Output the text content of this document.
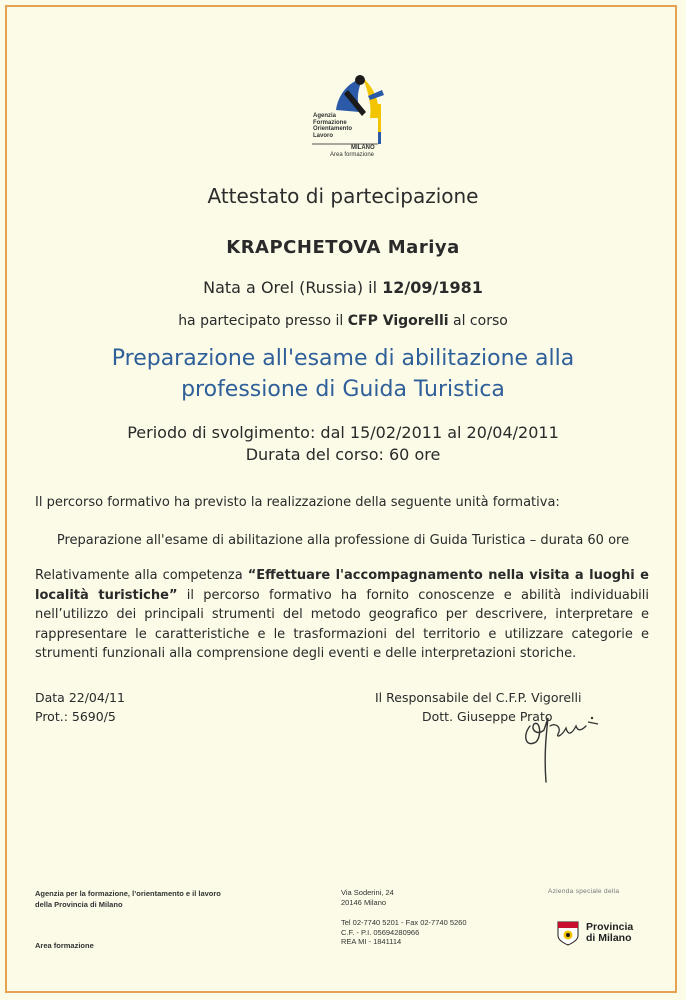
Agenzia
Formazione
Orientamento
Lavoro
MILANO
Area formazione
Attestato di partecipazione
KRAPCHETOVA Mariya
Nata a Orel (Russia) il 12/09/1981
ha partecipato presso il CFP Vigorelli al corso
Preparazione all'esame di abilitazione alla
professione di Guida Turistica
Periodo di svolgimento: dal 15/02/2011 al 20/04/2011
Durata del corso: 60 ore
Il percorso formativo ha previsto la realizzazione della seguente unità formativa:
Preparazione all'esame di abilitazione alla professione di Guida Turistica – durata 60 ore
Relativamente alla competenza “Effettuare l'accompagnamento nella visita a luoghi e località turistiche” il percorso formativo ha fornito conoscenze e abilità individuabili nell’utilizzo dei principali strumenti del metodo geografico per descrivere, interpretare e rappresentare le caratteristiche e le trasformazioni del territorio e utilizzare categorie e strumenti funzionali alla comprensione degli eventi e delle interpretazioni storiche.
Data 22/04/11
Prot.: 5690/5
Il Responsabile del C.F.P. Vigorelli
Dott. Giuseppe Prato
Agenzia per la formazione, l’orientamento e il lavoro
della Provincia di Milano
Area formazione
Via Soderini, 24
20146 Milano
Tel 02-7740 5201 - Fax 02-7740 5260
C.F. - P.I. 05694280966
REA MI - 1841114
Azienda speciale della
Provincia
di Milano
